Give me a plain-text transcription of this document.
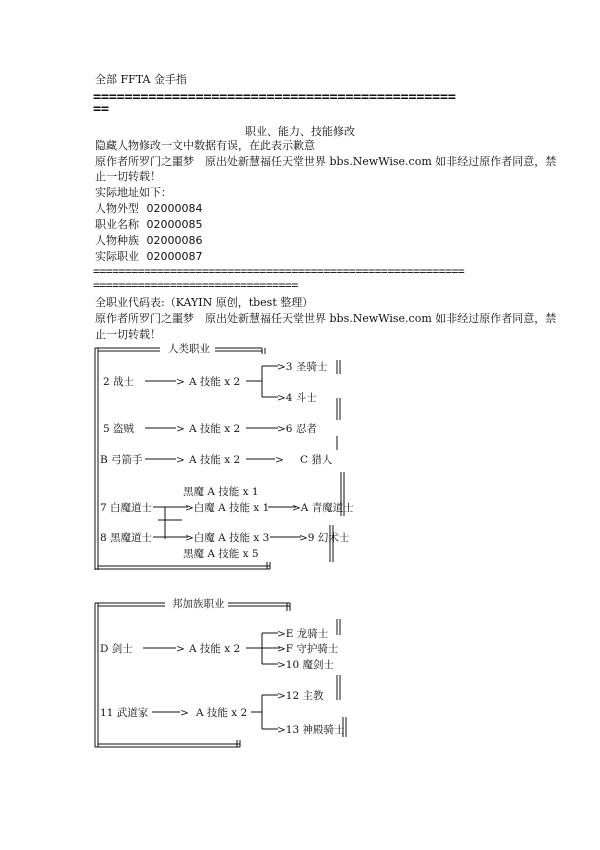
全部 FFTA 金手指
==============================================
==
职业、能力、技能修改
隐藏人物修改一文中数据有误，在此表示歉意
原作者所罗门之噩梦　原出处新慧福任天堂世界 bbs.NewWise.com 如非经过原作者同意，禁
止一切转载！
实际地址如下：
人物外型 02000084
职业名称 02000085
人物种族 02000086
实际职业 02000087
==========================================================
================================
全职业代码表:（KAYIN 原创，tbest 整理）
原作者所罗门之噩梦　原出处新慧福任天堂世界 bbs.NewWise.com 如非经过原作者同意，禁
止一切转载！
人类职业
2 战士	> A 技能 x 2
>3 圣骑士
>4 斗士
5 盗贼	> A 技能 x 2	>6 忍者
B 弓箭手	> A 技能 x 2	> C 猎人
黑魔 A 技能 x 1
7 白魔道士	>白魔 A 技能 x 1 >A 青魔道士
8 黑魔道士	>白魔 A 技能 x 3	>9 幻术士
黑魔 A 技能 x 5
邦加族职业
D 剑士	> A 技能 x 2
>E 龙骑士
>F 守护骑士
>10 魔剑士
11 武道家	> A 技能 x 2
>12 主教
>13 神殿骑士
